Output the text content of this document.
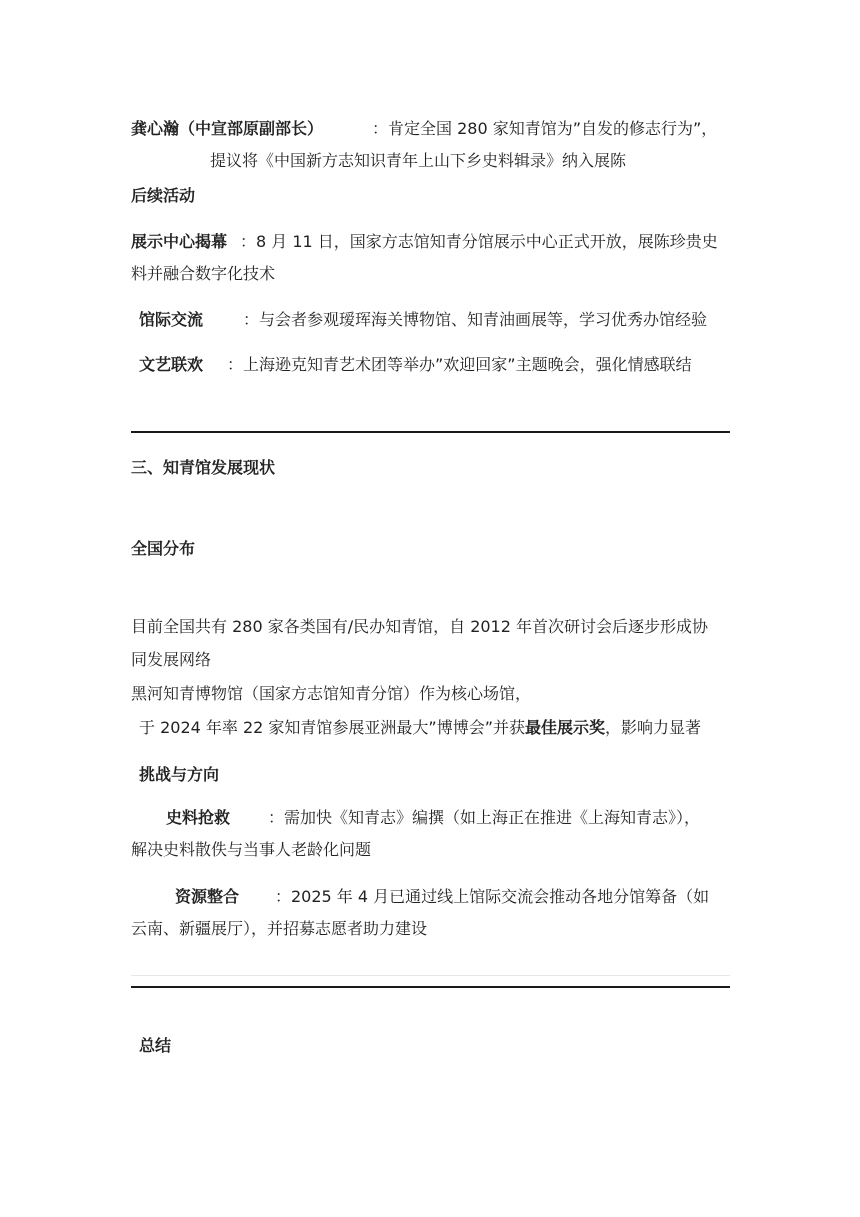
龚心瀚（中宣部原副部长）	：肯定全国 280 家知青馆为”自发的修志行为”，
提议将《中国新方志知识青年上山下乡史料辑录》纳入展陈
后续活动
展示中心揭幕 ：8 月 11 日，国家方志馆知青分馆展示中心正式开放，展陈珍贵史
料并融合数字化技术
馆际交流 ：与会者参观瑷珲海关博物馆、知青油画展等，学习优秀办馆经验
文艺联欢 ：上海逊克知青艺术团等举办”欢迎回家”主题晚会，强化情感联结
三、知青馆发展现状
全国分布
目前全国共有 280 家各类国有/民办知青馆，自 2012 年首次研讨会后逐步形成协
同发展网络
黑河知青博物馆（国家方志馆知青分馆）作为核心场馆，
于 2024 年率 22 家知青馆参展亚洲最大”博博会”并获最佳展示奖，影响力显著
挑战与方向
史料抢救 ：需加快《知青志》编撰（如上海正在推进《上海知青志》），
解决史料散佚与当事人老龄化问题
资源整合 ：2025 年 4 月已通过线上馆际交流会推动各地分馆筹备（如
云南、新疆展厅），并招募志愿者助力建设
总结
